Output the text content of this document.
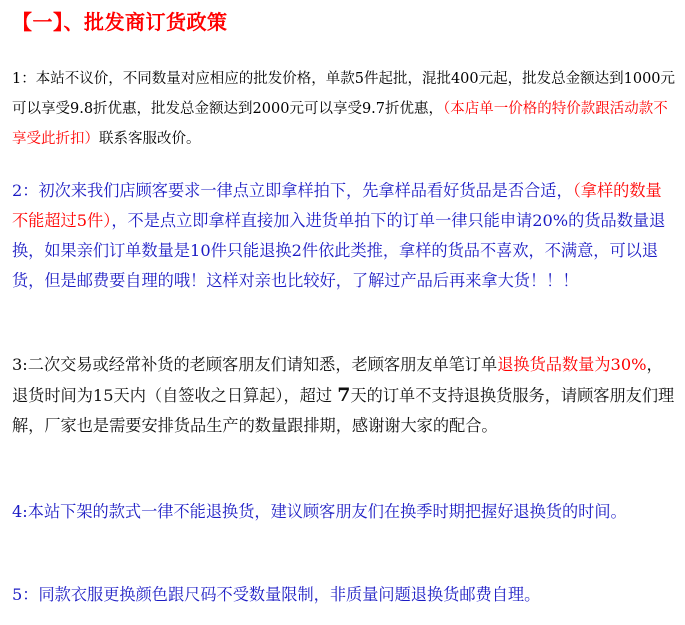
【一】、批发商订货政策

1：本站不议价，不同数量对应相应的批发价格，单款5件起批，混批400元起，批发总金额达到1000元可以享受9.8折优惠，批发总金额达到2000元可以享受9.7折优惠，（本店单一价格的特价款跟活动款不享受此折扣）联系客服改价。

2：初次来我们店顾客要求一律点立即拿样拍下，先拿样品看好货品是否合适，（拿样的数量不能超过5件），不是点立即拿样直接加入进货单拍下的订单一律只能申请20%的货品数量退换，如果亲们订单数量是10件只能退换2件依此类推，拿样的货品不喜欢，不满意，可以退货，但是邮费要自理的哦！这样对亲也比较好，了解过产品后再来拿大货！！！

3:二次交易或经常补货的老顾客朋友们请知悉，老顾客朋友单笔订单退换货品数量为30%，退货时间为15天内（自签收之日算起），超过 7天的订单不支持退换货服务，请顾客朋友们理解，厂家也是需要安排货品生产的数量跟排期，感谢谢大家的配合。

4:本站下架的款式一律不能退换货，建议顾客朋友们在换季时期把握好退换货的时间。

5：同款衣服更换颜色跟尺码不受数量限制，非质量问题退换货邮费自理。
